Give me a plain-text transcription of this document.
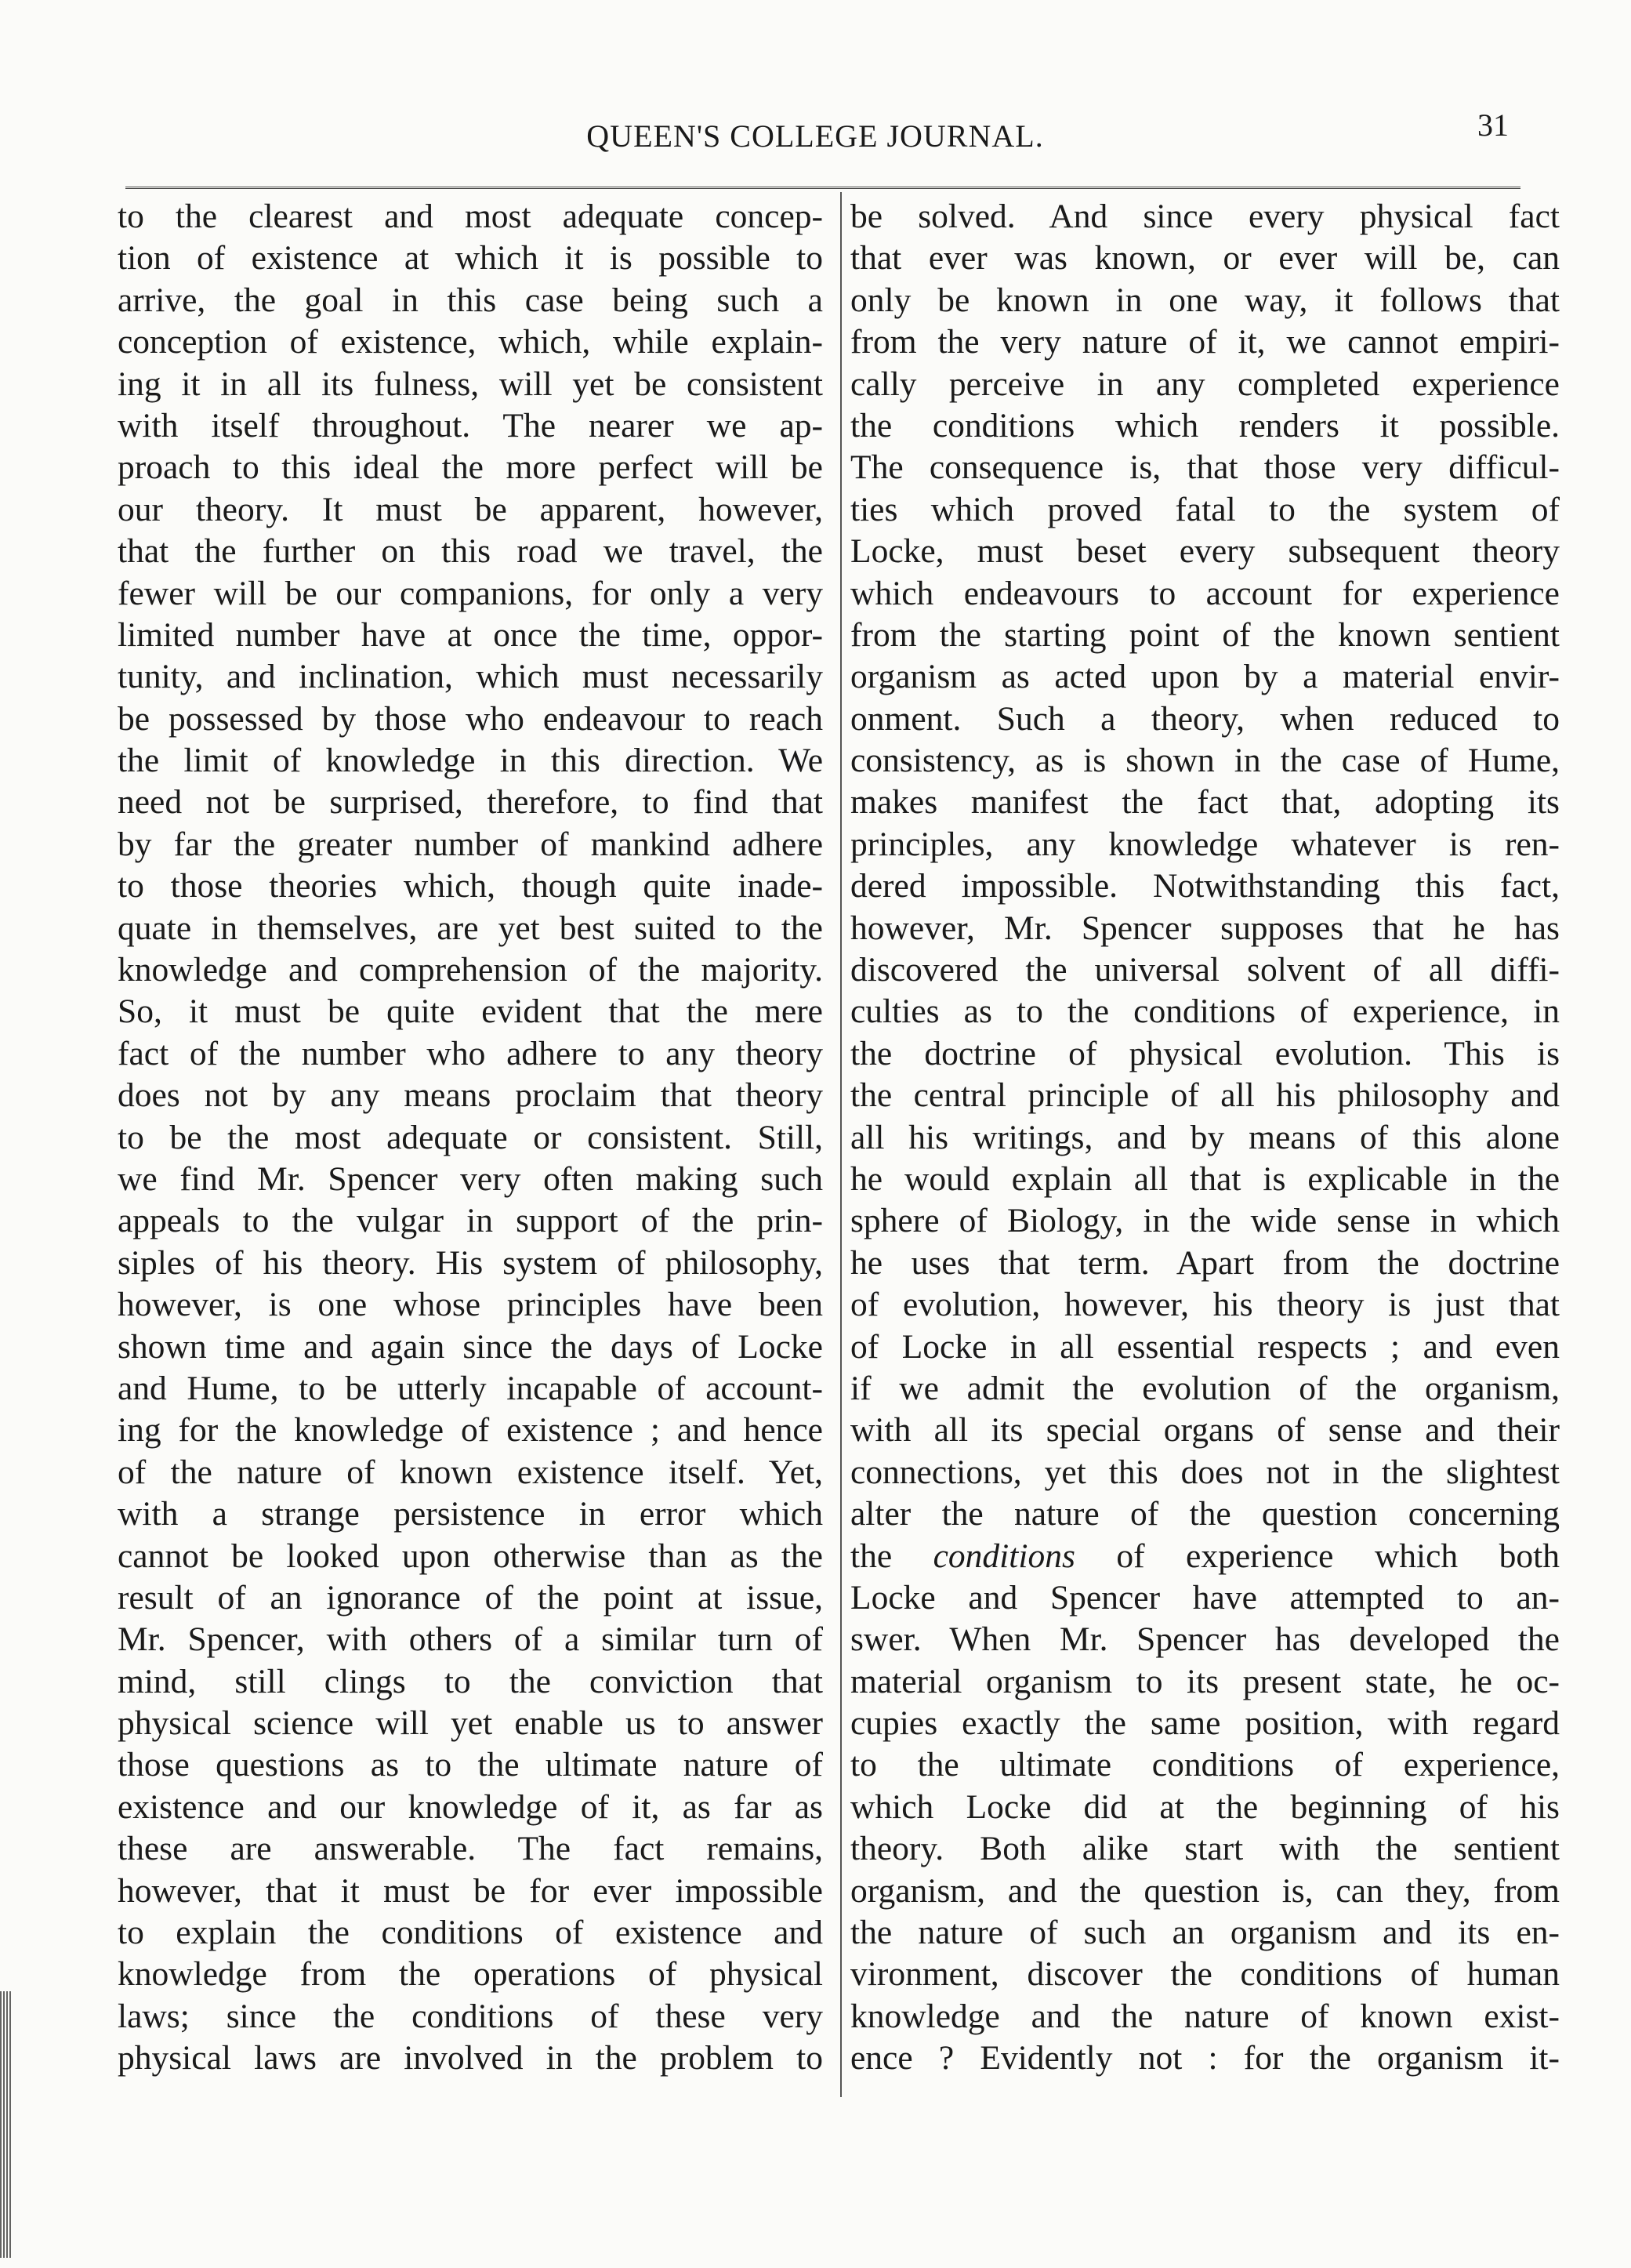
QUEEN'S COLLEGE JOURNAL.	31
to the clearest and most adequate concep-
tion of existence at which it is possible to
arrive, the goal in this case being such a
conception of existence, which, while explain-
ing it in all its fulness, will yet be consistent
with itself throughout. The nearer we ap-
proach to this ideal the more perfect will be
our theory. It must be apparent, however,
that the further on this road we travel, the
fewer will be our companions, for only a very
limited number have at once the time, oppor-
tunity, and inclination, which must necessarily
be possessed by those who endeavour to reach
the limit of knowledge in this direction. We
need not be surprised, therefore, to find that
by far the greater number of mankind adhere
to those theories which, though quite inade-
quate in themselves, are yet best suited to the
knowledge and comprehension of the majority.
So, it must be quite evident that the mere
fact of the number who adhere to any theory
does not by any means proclaim that theory
to be the most adequate or consistent. Still,
we find Mr. Spencer very often making such
appeals to the vulgar in support of the prin-
siples of his theory. His system of philosophy,
however, is one whose principles have been
shown time and again since the days of Locke
and Hume, to be utterly incapable of account-
ing for the knowledge of existence ; and hence
of the nature of known existence itself. Yet,
with a strange persistence in error which
cannot be looked upon otherwise than as the
result of an ignorance of the point at issue,
Mr. Spencer, with others of a similar turn of
mind, still clings to the conviction that
physical science will yet enable us to answer
those questions as to the ultimate nature of
existence and our knowledge of it, as far as
these are answerable. The fact remains,
however, that it must be for ever impossible
to explain the conditions of existence and
knowledge from the operations of physical
laws; since the conditions of these very
physical laws are involved in the problem to
be solved. And since every physical fact
that ever was known, or ever will be, can
only be known in one way, it follows that
from the very nature of it, we cannot empiri-
cally perceive in any completed experience
the conditions which renders it possible.
The consequence is, that those very difficul-
ties which proved fatal to the system of
Locke, must beset every subsequent theory
which endeavours to account for experience
from the starting point of the known sentient
organism as acted upon by a material envir-
onment. Such a theory, when reduced to
consistency, as is shown in the case of Hume,
makes manifest the fact that, adopting its
principles, any knowledge whatever is ren-
dered impossible. Notwithstanding this fact,
however, Mr. Spencer supposes that he has
discovered the universal solvent of all diffi-
culties as to the conditions of experience, in
the doctrine of physical evolution. This is
the central principle of all his philosophy and
all his writings, and by means of this alone
he would explain all that is explicable in the
sphere of Biology, in the wide sense in which
he uses that term. Apart from the doctrine
of evolution, however, his theory is just that
of Locke in all essential respects ; and even
if we admit the evolution of the organism,
with all its special organs of sense and their
connections, yet this does not in the slightest
alter the nature of the question concerning
the conditions of experience which both
Locke and Spencer have attempted to an-
swer. When Mr. Spencer has developed the
material organism to its present state, he oc-
cupies exactly the same position, with regard
to the ultimate conditions of experience,
which Locke did at the beginning of his
theory. Both alike start with the sentient
organism, and the question is, can they, from
the nature of such an organism and its en-
vironment, discover the conditions of human
knowledge and the nature of known exist-
ence ? Evidently not : for the organism it-
